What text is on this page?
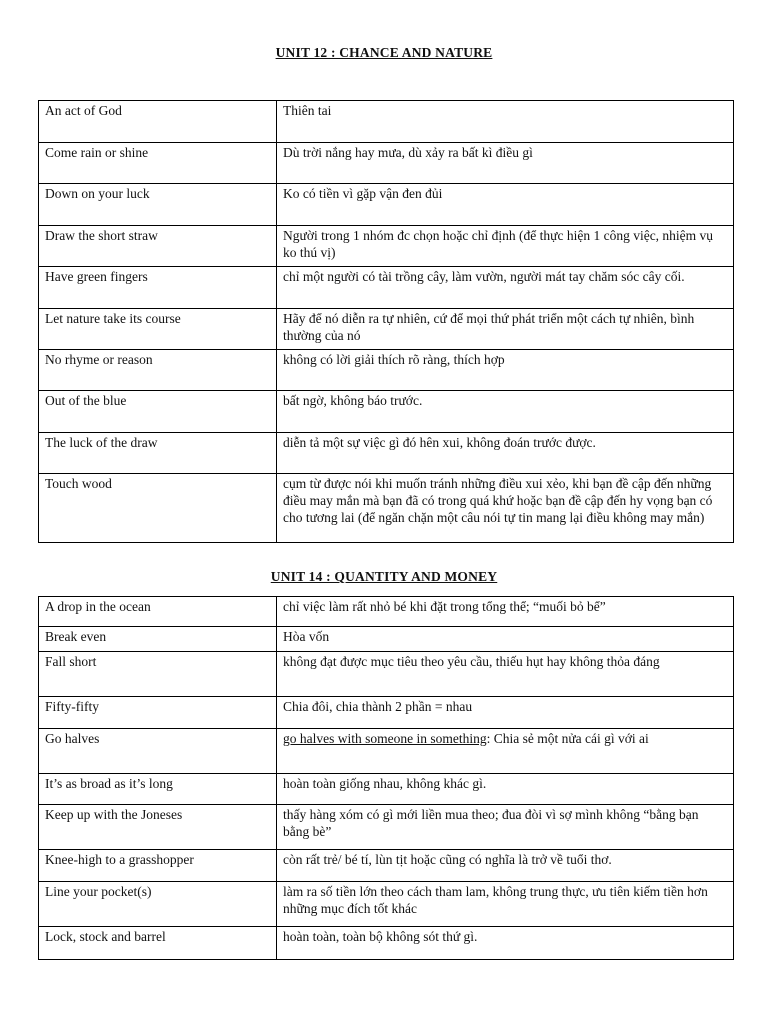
UNIT 12 : CHANCE AND NATURE
An act of God	Thiên tai
Come rain or shine	Dù trời nắng hay mưa, dù xảy ra bất kì điều gì
Down on your luck	Ko có tiền vì gặp vận đen đủi
Draw the short straw	Người trong 1 nhóm đc chọn hoặc chỉ định (để thực hiện 1 công việc, nhiệm vụ ko thú vị)
Have green fingers	chỉ một người có tài trồng cây, làm vườn, người mát tay chăm sóc cây cối.
Let nature take its course	Hãy để nó diễn ra tự nhiên, cứ để mọi thứ phát triển một cách tự nhiên, bình thường của nó
No rhyme or reason	không có lời giải thích rõ ràng, thích hợp
Out of the blue	bất ngờ, không báo trước.
The luck of the draw	diễn tả một sự việc gì đó hên xui, không đoán trước được.
Touch wood	cụm từ được nói khi muốn tránh những điều xui xẻo, khi bạn đề cập đến những điều may mắn mà bạn đã có trong quá khứ hoặc bạn đề cập đến hy vọng bạn có cho tương lai (để ngăn chặn một câu nói tự tin mang lại điều không may mắn)
UNIT 14 : QUANTITY AND MONEY
A drop in the ocean	chỉ việc làm rất nhỏ bé khi đặt trong tổng thể; “muối bỏ bể”
Break even	Hòa vốn
Fall short	không đạt được mục tiêu theo yêu cầu, thiếu hụt hay không thỏa đáng
Fifty-fifty	Chia đôi, chia thành 2 phần = nhau
Go halves	go halves with someone in something: Chia sẻ một nửa cái gì với ai
It’s as broad as it’s long	hoàn toàn giống nhau, không khác gì.
Keep up with the Joneses	thấy hàng xóm có gì mới liền mua theo; đua đòi vì sợ mình không “bằng bạn bằng bè”
Knee-high to a grasshopper	còn rất trẻ/ bé tí, lùn tịt hoặc cũng có nghĩa là trở về tuổi thơ.
Line your pocket(s)	làm ra số tiền lớn theo cách tham lam, không trung thực, ưu tiên kiếm tiền hơn những mục đích tốt khác
Lock, stock and barrel	hoàn toàn, toàn bộ không sót thứ gì.
